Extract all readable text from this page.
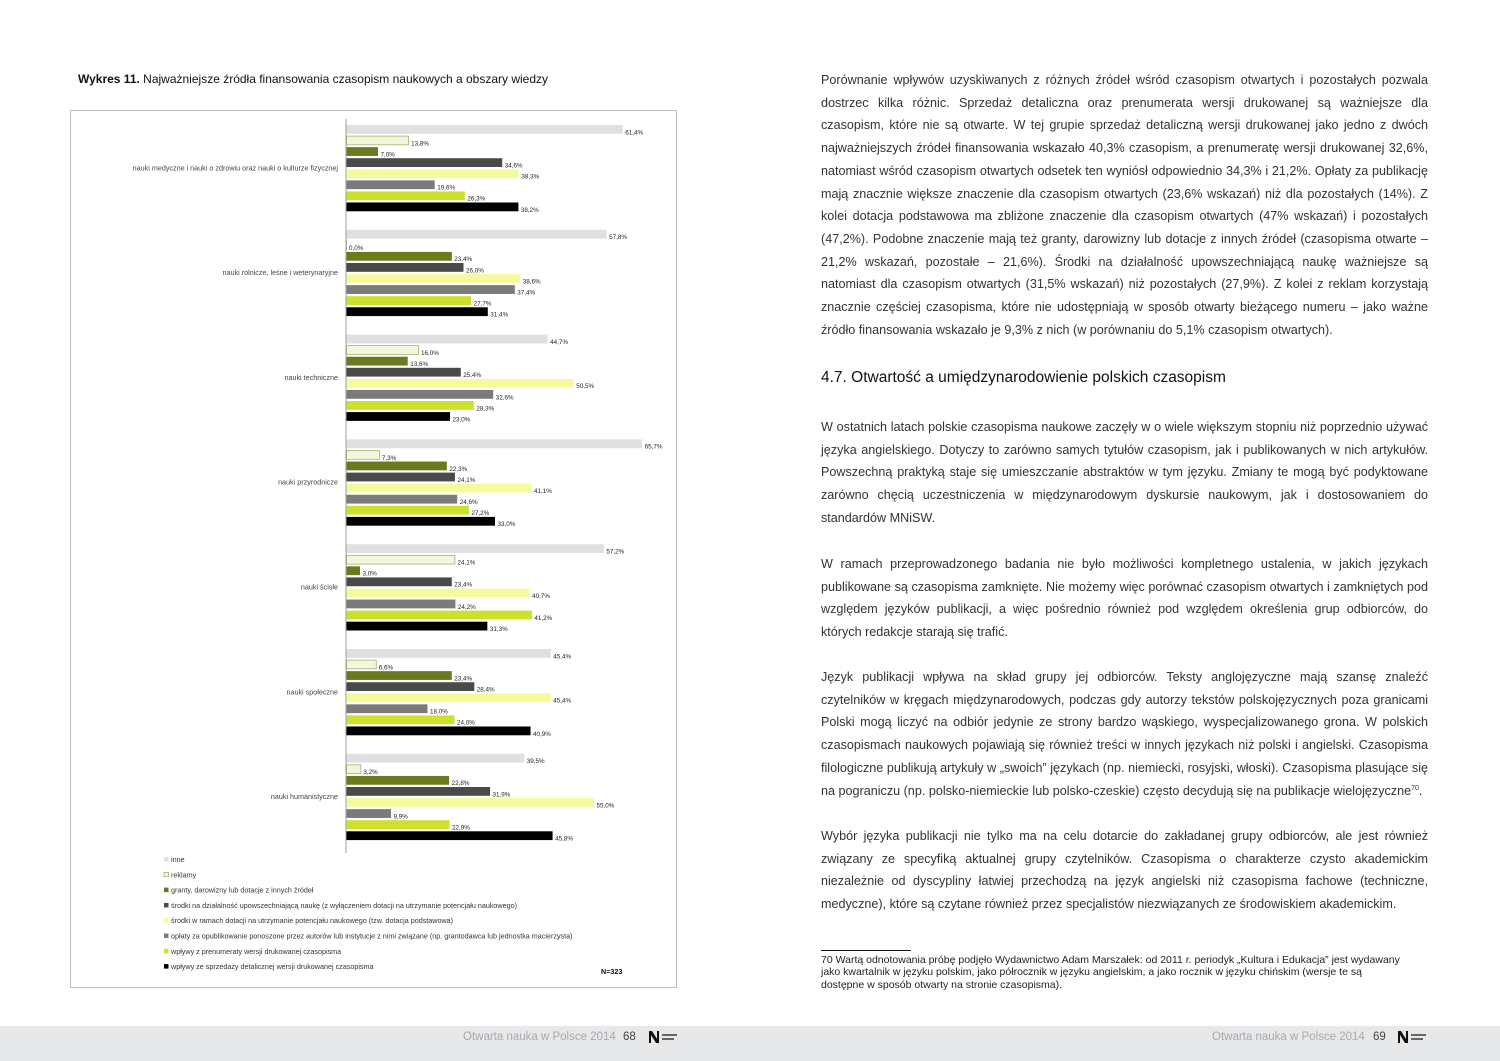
Wykres 11. Najważniejsze źródła finansowania czasopism naukowych a obszary wiedzy
nauki medyczne i nauki o zdrowiu oraz nauki o kulturze fizycznej
61,4%
13,8%
7,0%
34,6%
38,3%
19,6%
26,3%
38,2%
nauki rolnicze, leśne i weterynaryjne
57,8%
0,0%
23,4%
26,0%
38,6%
37,4%
27,7%
31,4%
nauki techniczne
44,7%
16,0%
13,6%
25,4%
50,5%
32,6%
28,3%
23,0%
nauki przyrodnicze
65,7%
7,3%
22,3%
24,1%
41,1%
24,6%
27,2%
33,0%
nauki ścisłe
57,2%
24,1%
3,0%
23,4%
40,7%
24,2%
41,2%
31,3%
nauki społeczne
45,4%
6,6%
23,4%
28,4%
45,4%
18,0%
24,0%
40,9%
nauki humanistyczne
39,5%
3,2%
22,8%
31,9%
55,0%
9,9%
22,9%
45,8%
inne
reklamy
granty, darowizny lub dotacje z innych źródeł
środki na działalność upowszechniającą naukę (z wyłączeniem dotacji na utrzymanie potencjału naukowego)
środki w ramach dotacji na utrzymanie potencjału naukowego (tzw. dotacja podstawowa)
opłaty za opublikowanie ponoszone przez autorów lub instytucje z nimi związane (np. grantodawca lub jednostka macierzysta)
wpływy z prenumeraty wersji drukowanej czasopisma
wpływy ze sprzedaży detalicznej wersji drukowanej czasopisma
N=323
Otwarta nauka w Polsce 2014 68

Porównanie wpływów uzyskiwanych z różnych źródeł wśród czasopism otwartych i pozostałych pozwala dostrzec kilka różnic. Sprzedaż detaliczna oraz prenumerata wersji drukowanej są ważniejsze dla czasopism, które nie są otwarte. W tej grupie sprzedaż detaliczną wersji drukowanej jako jedno z dwóch najważniejszych źródeł finansowania wskazało 40,3% czasopism, a prenumeratę wersji drukowanej 32,6%, natomiast wśród czasopism otwartych odsetek ten wyniósł odpowiednio 34,3% i 21,2%. Opłaty za publikację mają znacznie większe znaczenie dla czasopism otwartych (23,6% wskazań) niż dla pozostałych (14%). Z kolei dotacja podstawowa ma zbliżone znaczenie dla czasopism otwartych (47% wskazań) i pozostałych (47,2%). Podobne znaczenie mają też granty, darowizny lub dotacje z innych źródeł (czasopisma otwarte – 21,2% wskazań, pozostałe – 21,6%). Środki na działalność upowszechniającą naukę ważniejsze są natomiast dla czasopism otwartych (31,5% wskazań) niż pozostałych (27,9%). Z kolei z reklam korzystają znacznie częściej czasopisma, które nie udostępniają w sposób otwarty bieżącego numeru – jako ważne źródło finansowania wskazało je 9,3% z nich (w porównaniu do 5,1% czasopism otwartych).

4.7. Otwartość a umiędzynarodowienie polskich czasopism

W ostatnich latach polskie czasopisma naukowe zaczęły w o wiele większym stopniu niż poprzednio używać języka angielskiego. Dotyczy to zarówno samych tytułów czasopism, jak i publikowanych w nich artykułów. Powszechną praktyką staje się umieszczanie abstraktów w tym języku. Zmiany te mogą być podyktowane zarówno chęcią uczestniczenia w międzynarodowym dyskursie naukowym, jak i dostosowaniem do standardów MNiSW.

W ramach przeprowadzonego badania nie było możliwości kompletnego ustalenia, w jakich językach publikowane są czasopisma zamknięte. Nie możemy więc porównać czasopism otwartych i zamkniętych pod względem języków publikacji, a więc pośrednio również pod względem określenia grup odbiorców, do których redakcje starają się trafić.

Język publikacji wpływa na skład grupy jej odbiorców. Teksty anglojęzyczne mają szansę znaleźć czytelników w kręgach międzynarodowych, podczas gdy autorzy tekstów polskojęzycznych poza granicami Polski mogą liczyć na odbiór jedynie ze strony bardzo wąskiego, wyspecjalizowanego grona. W polskich czasopismach naukowych pojawiają się również treści w innych językach niż polski i angielski. Czasopisma filologiczne publikują artykuły w „swoich” językach (np. niemiecki, rosyjski, włoski). Czasopisma plasujące się na pograniczu (np. polsko-niemieckie lub polsko-czeskie) często decydują się na publikacje wielojęzyczne$^{70}$.

Wybór języka publikacji nie tylko ma na celu dotarcie do zakładanej grupy odbiorców, ale jest również związany ze specyfiką aktualnej grupy czytelników. Czasopisma o charakterze czysto akademickim niezależnie od dyscypliny łatwiej przechodzą na język angielski niż czasopisma fachowe (techniczne, medyczne), które są czytane również przez specjalistów niezwiązanych ze środowiskiem akademickim.

70 Wartą odnotowania próbę podjęło Wydawnictwo Adam Marszałek: od 2011 r. periodyk „Kultura i Edukacja” jest wydawany jako kwartalnik w języku polskim, jako półrocznik w języku angielskim, a jako rocznik w języku chińskim (wersje te są dostępne w sposób otwarty na stronie czasopisma).
Otwarta nauka w Polsce 2014 69
